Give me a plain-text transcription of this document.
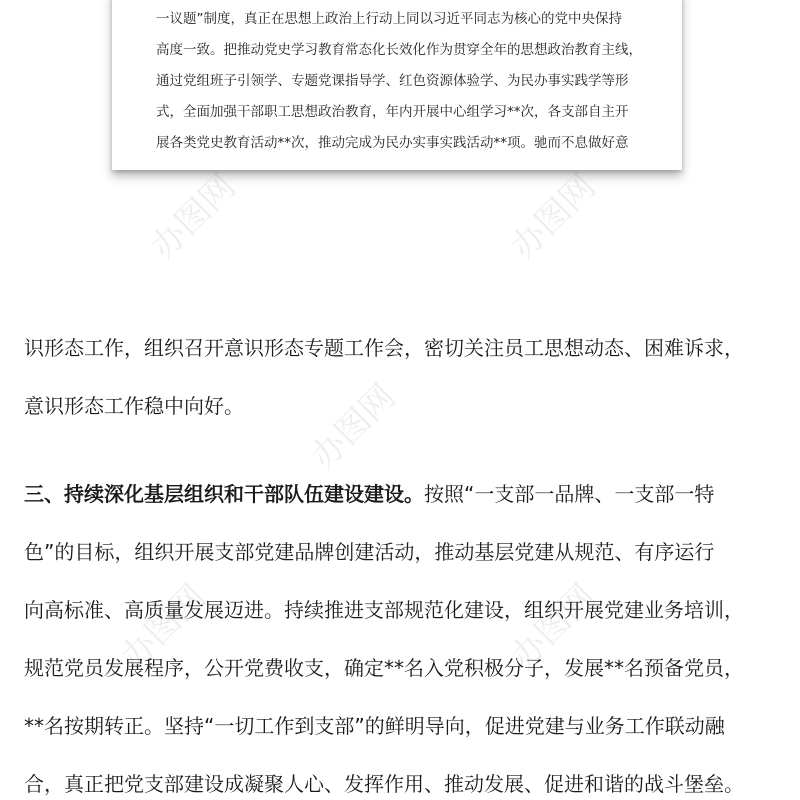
办图网	办图网
办图网
办图网	办图网
一议题”制度，真正在思想上政治上行动上同以习近平同志为核心的党中央保持
高度一致。把推动党史学习教育常态化长效化作为贯穿全年的思想政治教育主线，
通过党组班子引领学、专题党课指导学、红色资源体验学、为民办事实践学等形
式，全面加强干部职工思想政治教育，年内开展中心组学习**次，各支部自主开
展各类党史教育活动**次，推动完成为民办实事实践活动**项。驰而不息做好意
识形态工作，组织召开意识形态专题工作会，密切关注员工思想动态、困难诉求，
意识形态工作稳中向好。
三、持续深化基层组织和干部队伍建设建设。按照“一支部一品牌、一支部一特
色”的目标，组织开展支部党建品牌创建活动，推动基层党建从规范、有序运行
向高标准、高质量发展迈进。持续推进支部规范化建设，组织开展党建业务培训，
规范党员发展程序，公开党费收支，确定**名入党积极分子，发展**名预备党员，
**名按期转正。坚持“一切工作到支部”的鲜明导向，促进党建与业务工作联动融
合，真正把党支部建设成凝聚人心、发挥作用、推动发展、促进和谐的战斗堡垒。
